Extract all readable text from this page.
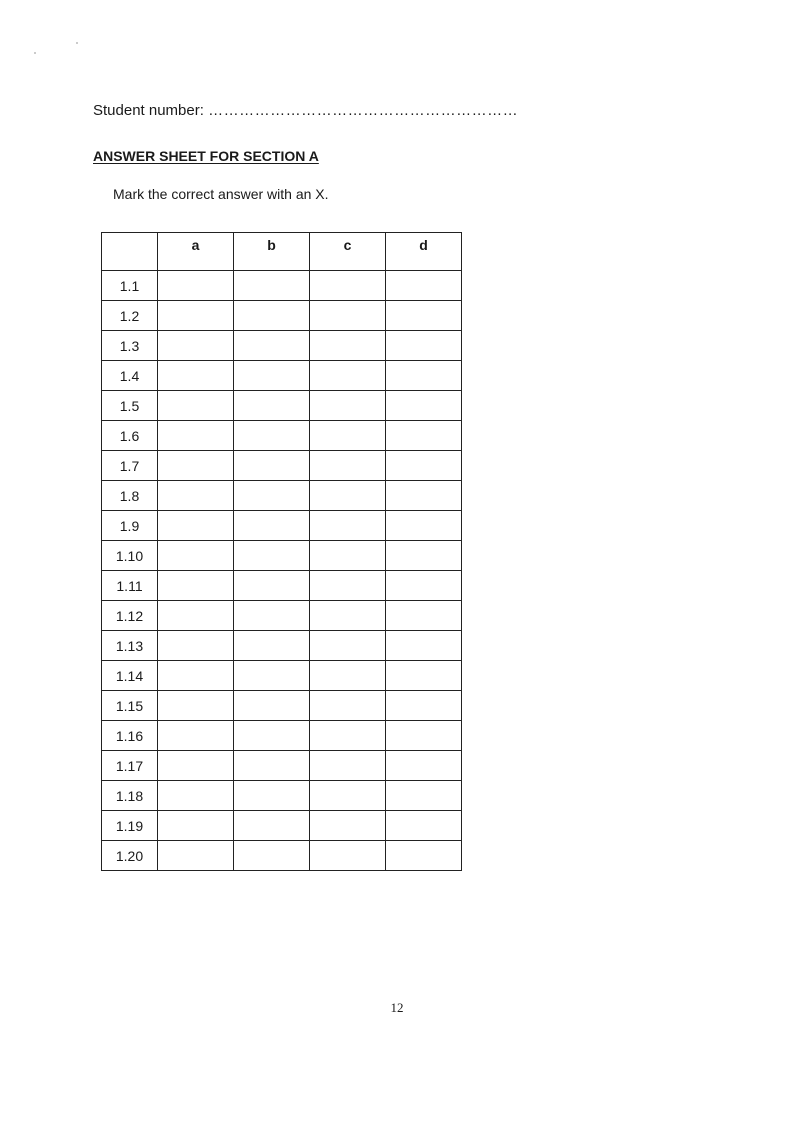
Student number: ……………………………………………………
ANSWER SHEET FOR SECTION A
Mark the correct answer with an X.
	a	b	c	d
1.1				
1.2				
1.3				
1.4				
1.5				
1.6				
1.7				
1.8				
1.9				
1.10				
1.11				
1.12				
1.13				
1.14				
1.15				
1.16				
1.17				
1.18				
1.19				
1.20				
12
